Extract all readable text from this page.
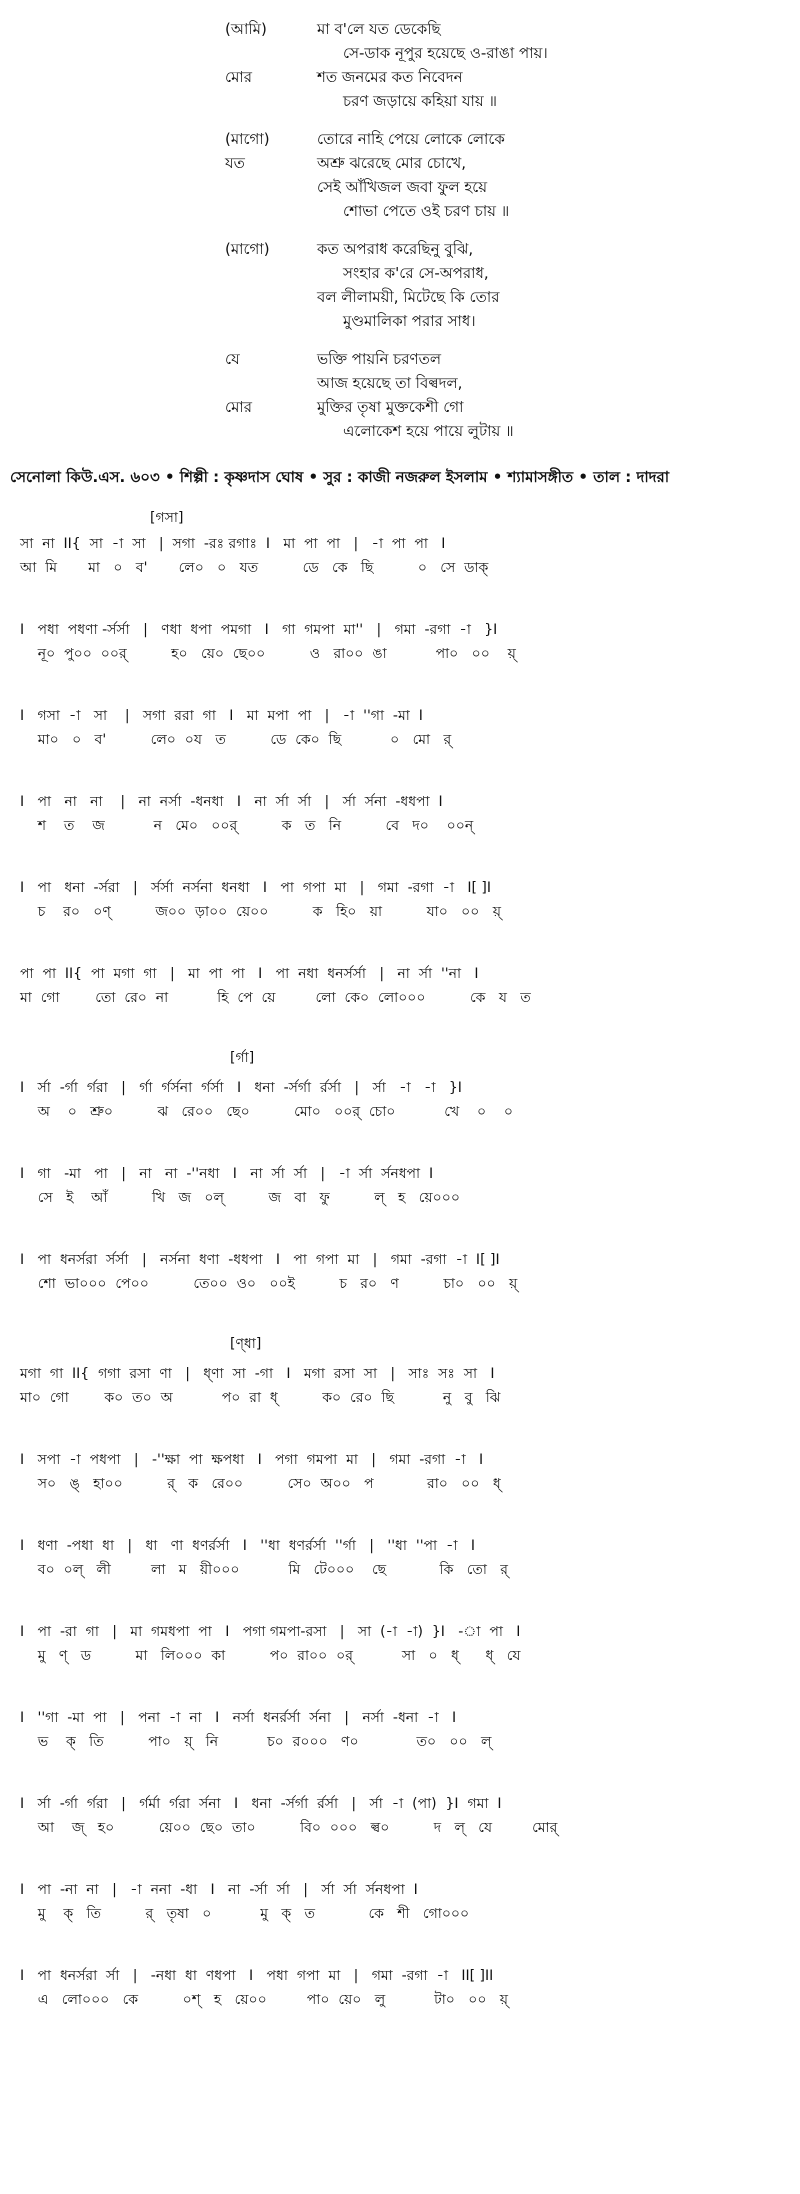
(আমি)	মা ব'লে যত ডেকেছি
সে-ডাক নূপুর হয়েছে ও-রাঙা পায়।
মোর	শত জনমের কত নিবেদন
চরণ জড়ায়ে কহিয়া যায় ॥
(মাগো)	তোরে নাহি পেয়ে লোকে লোকে
যত	অশ্রু ঝরেছে মোর চোখে,
সেই আঁখিজল জবা ফুল হয়ে
শোভা পেতে ওই চরণ চায় ॥
(মাগো)	কত অপরাধ করেছিনু বুঝি,
সংহার ক'রে সে-অপরাধ,
বল লীলাময়ী, মিটেছে কি তোর
মুণ্ডমালিকা পরার সাধ।
যে	ভক্তি পায়নি চরণতল
আজ হয়েছে তা বিল্বদল,
মোর	মুক্তির তৃষা মুক্তকেশী গো
এলোকেশ হয়ে পায়ে লুটায় ॥
সেনোলা কিউ.এস. ৬০৩ • শিল্পী : কৃষ্ণদাস ঘোষ • সুর : কাজী নজরুল ইসলাম • শ্যামাসঙ্গীত • তাল : দাদরা
[গসা]
সা  না  II{  সা  -া  সা   |  সগা  -রঃ রগাঃ  I   মা  পা  পা   |   -া  পা  পা   I
আ  মি       মা   ০   ব'       লে০   ০   যত          ডে   কে   ছি          ০   সে  ডাক্
I   পধা  পধণা -র্সর্সা   |   ণধা  ধপা  পমগা   I   গা  গমপা  মা''   |   গমা  -রগা  -া   }I
নূ০  পু০০  ০০র্          হ০   য়ে০  ছে০০          ও   রা০০  ঙা           পা০   ০০    য়্
I   গসা  -া   সা    |   সগা  ররা  গা   I   মা  মপা  পা   |   -া  ''গা  -মা  I
মা০   ০   ব'          লে০  ০য   ত          ডে  কে০  ছি           ০   মো   র্
I   পা   না   না    |   না  নর্সা  -ধনধা   I   না  র্সা  র্সা   |   র্সা  র্সনা  -ধধপা  I
শ    ত    জ           ন   মে০   ০০র্          ক   ত   নি          বে   দ০    ০০ন্
I   পা   ধনা  -র্সরা   |   র্সর্সা  নর্সনা  ধনধা   I   পা  গপা  মা   |   গমা  -রগা  -া   I[ ]I
চ    র০   ০ণ্          জ০০  ড়া০০  য়ে০০          ক   হি০   য়া          যা০   ০০   য়্
পা  পা  II{  পা  মগা  গা   |   মা  পা  পা   I   পা  নধা  ধনর্সর্সা   |   না  র্সা  ''না   I
মা  গো        তো  রে০  না           হি  পে  য়ে         লো  কে০  লো০০০          কে   য   ত
[র্গা]
I   র্সা  -র্গা  র্গরা   |   র্গা  র্গর্সনা  র্গর্সা   I   ধনা  -র্সর্গা  র্রর্সা   |   র্সা   -া   -া   }I
অ    ০   শ্রু০          ঝ   রে০০   ছে০          মো০   ০০র্  চো০           খে    ০    ০
I   গা   -মা   পা   |   না   না  -''নধা   I   না  র্সা  র্সা   |   -া  র্সা  র্সনধপা  I
সে   ই    আঁ          খি   জ   ০ল্          জ   বা   ফু          ল্   হ   য়ে০০০
I   পা  ধনর্সরা  র্সর্সা   |   নর্সনা  ধণা  -ধধপা   I   পা  গপা  মা   |   গমা  -রগা  -া  I[ ]I
শো  ভা০০০  পে০০          তে০০  ও০   ০০ই          চ   র০   ণ          চা০   ০০   য়্
[ণ্ধা]
মগা  গা  II{  গগা  রসা  ণা   |   ধ্ণা  সা  -গা   I   মগা  রসা  সা   |   সাঃ  সঃ  সা   I
মা০  গো        ক০  ত০  অ           প০  রা  ধ্          ক০  রে০  ছি           নু   বু   ঝি
I   সপা  -া  পধপা   |   -''ক্ষা  পা  ক্ষপধা   I   পগা  গমপা  মা   |   গমা  -রগা  -া   I
স০   ঙ্   হা০০          র্   ক   রে০০          সে০  অ০০   প            রা০   ০০   ধ্
I   ধণা  -পধা  ধা   |   ধা   ণা  ধণর্রর্সা   I   ''ধা  ধণর্রর্সা  ''র্গা   |   ''ধা  ''পা  -া   I
ব০  ০ল্   লী         লা   ম   য়ী০০০           মি   টে০০০    ছে            কি   তো   র্
I   পা  -রা  গা   |   মা  গমধপা  পা   I   পগা গমপা-রসা   |   সা  (-া  -া)  }I   -া  পা   I
মু   ণ্   ড          মা   লি০০০  কা          প০  রা০০  ০র্           সা   ০   ধ্      ধ্   যে
I   ''গা  -মা  পা   |   পনা  -া  না   I   নর্সা  ধনর্রর্সা  র্সনা   |   নর্সা  -ধনা  -া   I
ভ    ক্   তি          পা০   য়্   নি           চ০  র০০০   ণ০             ত০   ০০   ল্
I   র্সা  -র্গা  র্গরা   |   র্গর্মা  র্গরা  র্সনা   I   ধনা  -র্সর্গা  র্রর্সা   |   র্সা  -া  (পা)  }I  গমা  I
আ    জ্   হ০          য়ে০০  ছে০  তা০          বি০  ০০০   ল্ব০          দ   ল্   যে         মোর্
I   পা  -না  না   |   -া  ননা  -ধা   I   না  -র্সা  র্সা   |   র্সা  র্সা  র্সনধপা  I
মু    ক্   তি          র্   তৃষা   ০           মু   ক্   ত            কে   শী   গো০০০
I   পা  ধনর্সরা  র্সা   |   -নধা  ধা  ণধপা   I   পধা  গপা  মা   |   গমা  -রগা  -া   II[ ]II
এ   লো০০০   কে          ০শ্   হ   য়ে০০         পা০  য়ে০   লু           টা০   ০০   য়্
